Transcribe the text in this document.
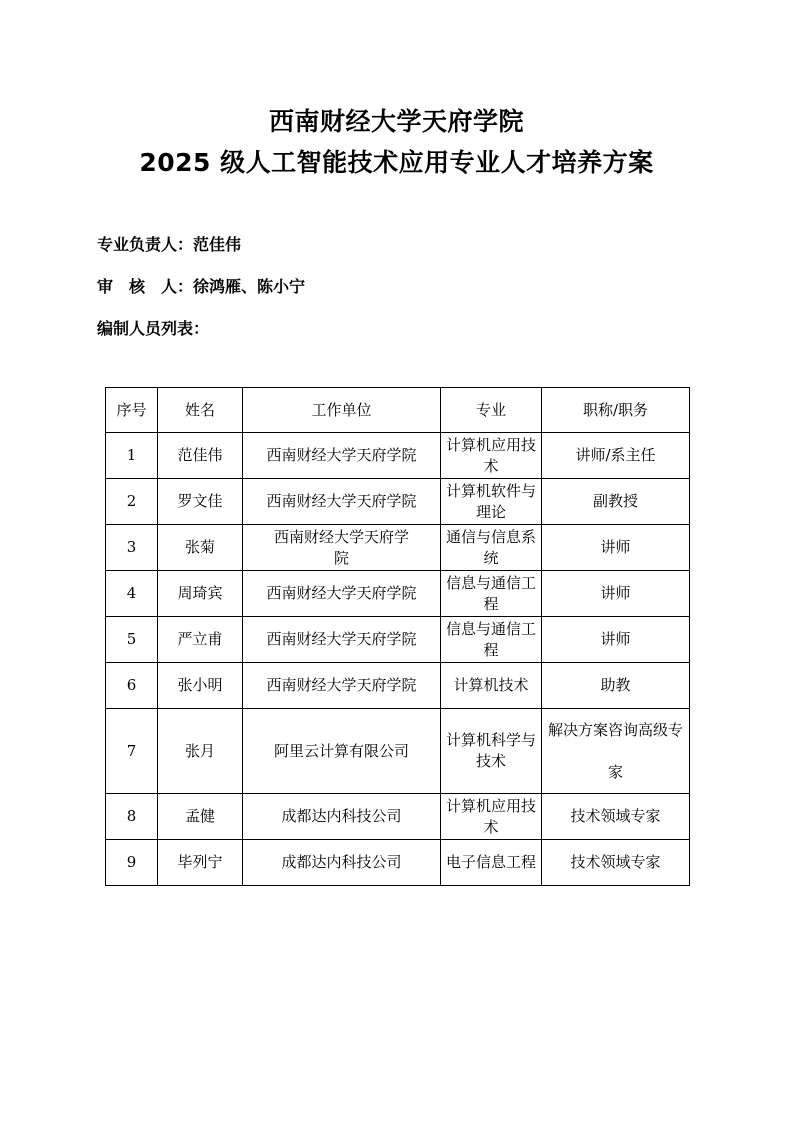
西南财经大学天府学院
2025 级人工智能技术应用专业人才培养方案
专业负责人：范佳伟
审　核　人：徐鸿雁、陈小宁
编制人员列表：
序号	姓名	工作单位	专业	职称/职务
1	范佳伟	西南财经大学天府学院	计算机应用技术	讲师/系主任
2	罗文佳	西南财经大学天府学院	计算机软件与理论	副教授
3	张菊	西南财经大学天府学院	通信与信息系统	讲师
4	周琦宾	西南财经大学天府学院	信息与通信工程	讲师
5	严立甫	西南财经大学天府学院	信息与通信工程	讲师
6	张小明	西南财经大学天府学院	计算机技术	助教
7	张月	阿里云计算有限公司	计算机科学与技术	解决方案咨询高级专家
8	孟健	成都达内科技公司	计算机应用技术	技术领域专家
9	毕列宁	成都达内科技公司	电子信息工程	技术领域专家
